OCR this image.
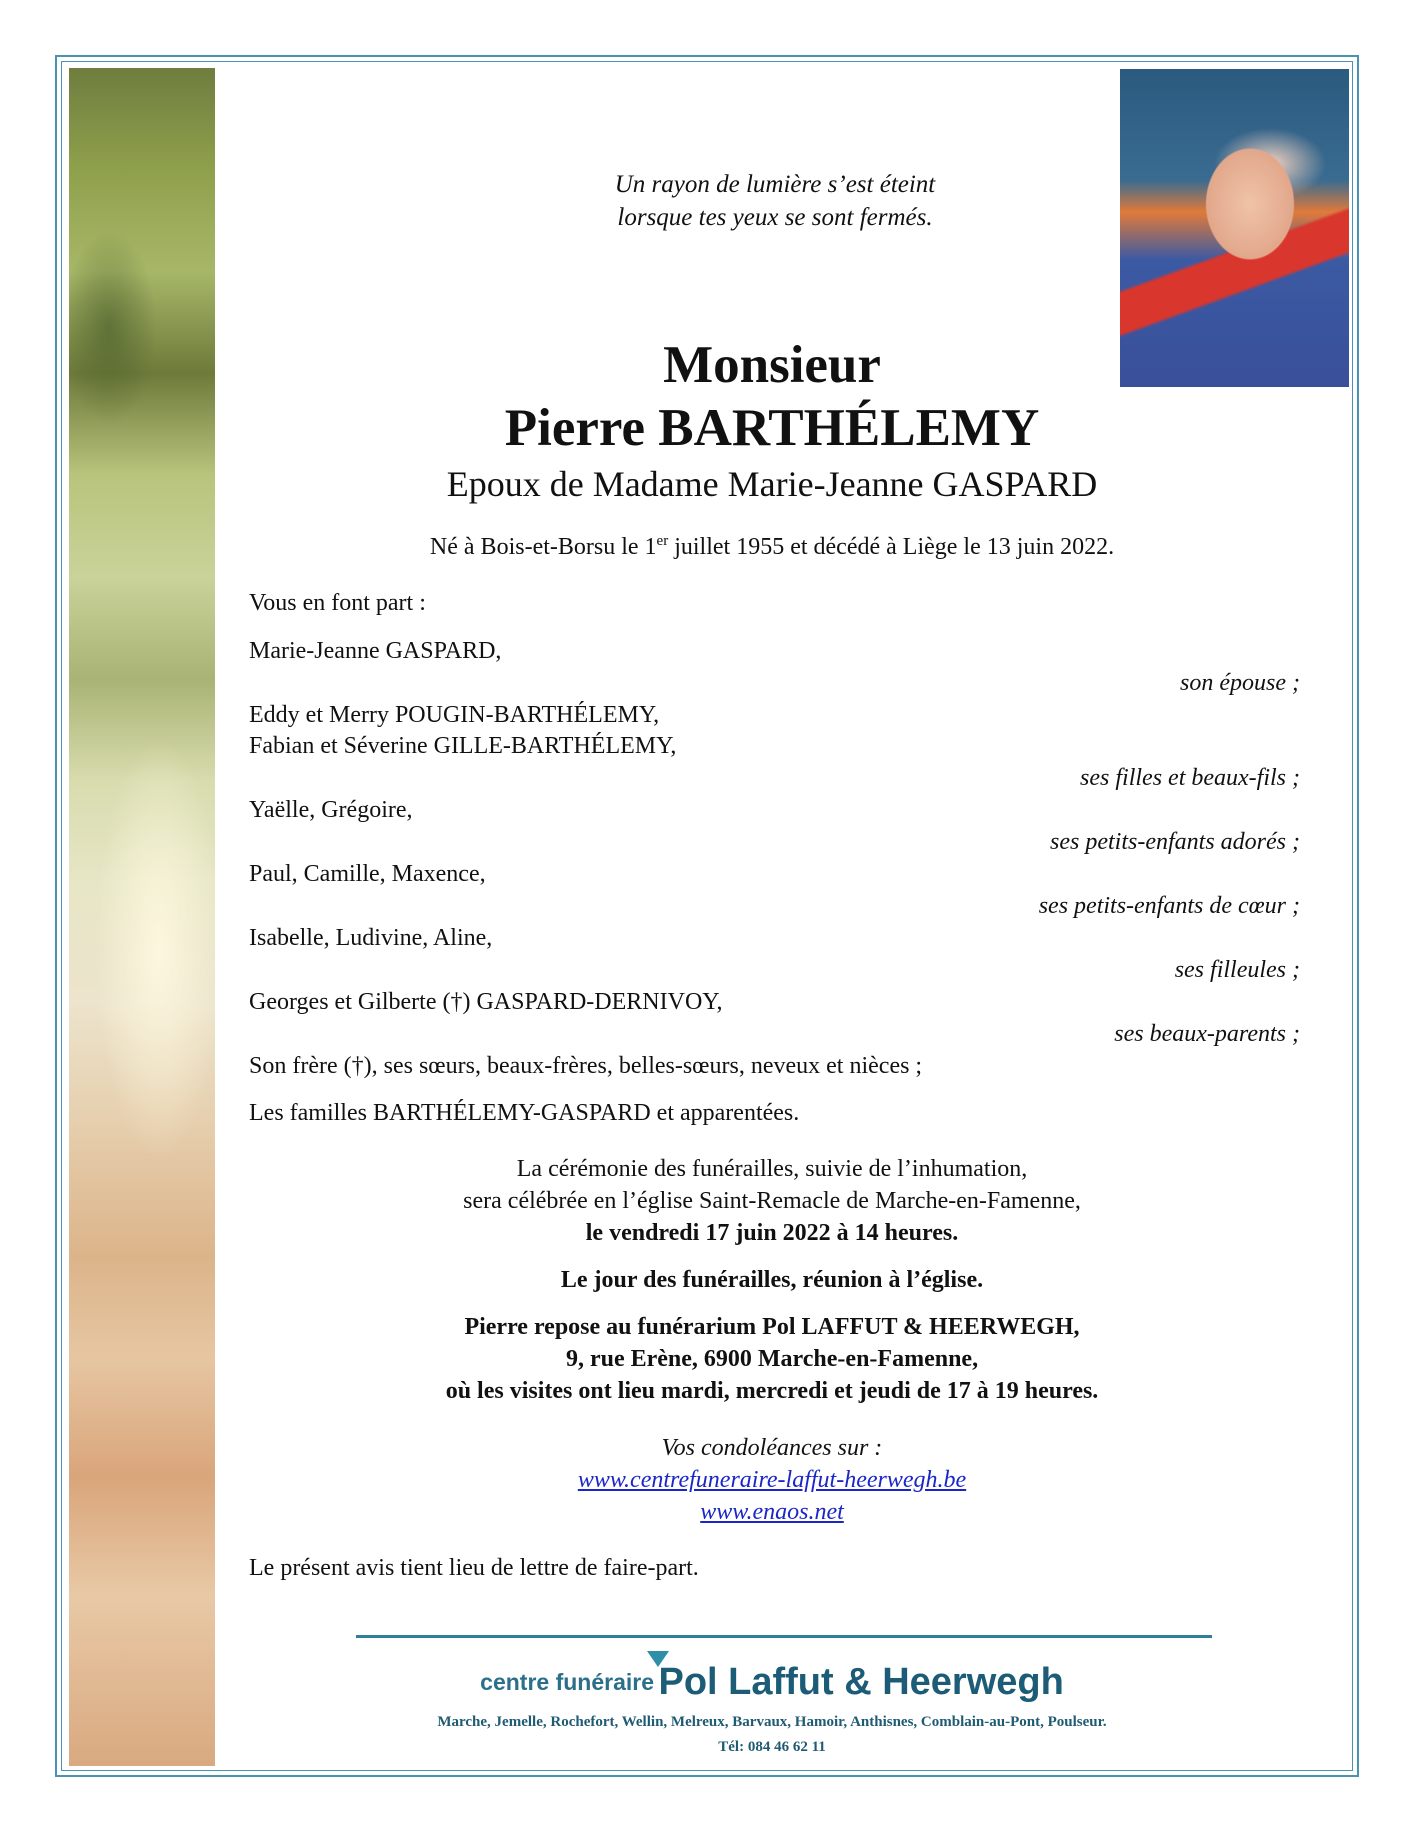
Un rayon de lumière s’est éteint
lorsque tes yeux se sont fermés.
Monsieur
Pierre BARTHÉLEMY
Epoux de Madame Marie-Jeanne GASPARD
Né à Bois-et-Borsu le 1er juillet 1955 et décédé à Liège le 13 juin 2022.
Vous en font part :
Marie-Jeanne GASPARD,
son épouse ;
Eddy et Merry POUGIN-BARTHÉLEMY,
Fabian et Séverine GILLE-BARTHÉLEMY,
ses filles et beaux-fils ;
Yaëlle, Grégoire,
ses petits-enfants adorés ;
Paul, Camille, Maxence,
ses petits-enfants de cœur ;
Isabelle, Ludivine, Aline,
ses filleules ;
Georges et Gilberte (†) GASPARD-DERNIVOY,
ses beaux-parents ;
Son frère (†), ses sœurs, beaux-frères, belles-sœurs, neveux et nièces ;
Les familles BARTHÉLEMY-GASPARD et apparentées.
La cérémonie des funérailles, suivie de l’inhumation,
sera célébrée en l’église Saint-Remacle de Marche-en-Famenne,
le vendredi 17 juin 2022 à 14 heures.
Le jour des funérailles, réunion à l’église.
Pierre repose au funérarium Pol LAFFUT & HEERWEGH,
9, rue Erène, 6900 Marche-en-Famenne,
où les visites ont lieu mardi, mercredi et jeudi de 17 à 19 heures.
Vos condoléances sur :
www.centrefuneraire-laffut-heerwegh.be
www.enaos.net
Le présent avis tient lieu de lettre de faire-part.
centre funéraire Pol Laffut & Heerwegh
Marche, Jemelle, Rochefort, Wellin, Melreux, Barvaux, Hamoir, Anthisnes, Comblain-au-Pont, Poulseur.
Tél: 084 46 62 11
